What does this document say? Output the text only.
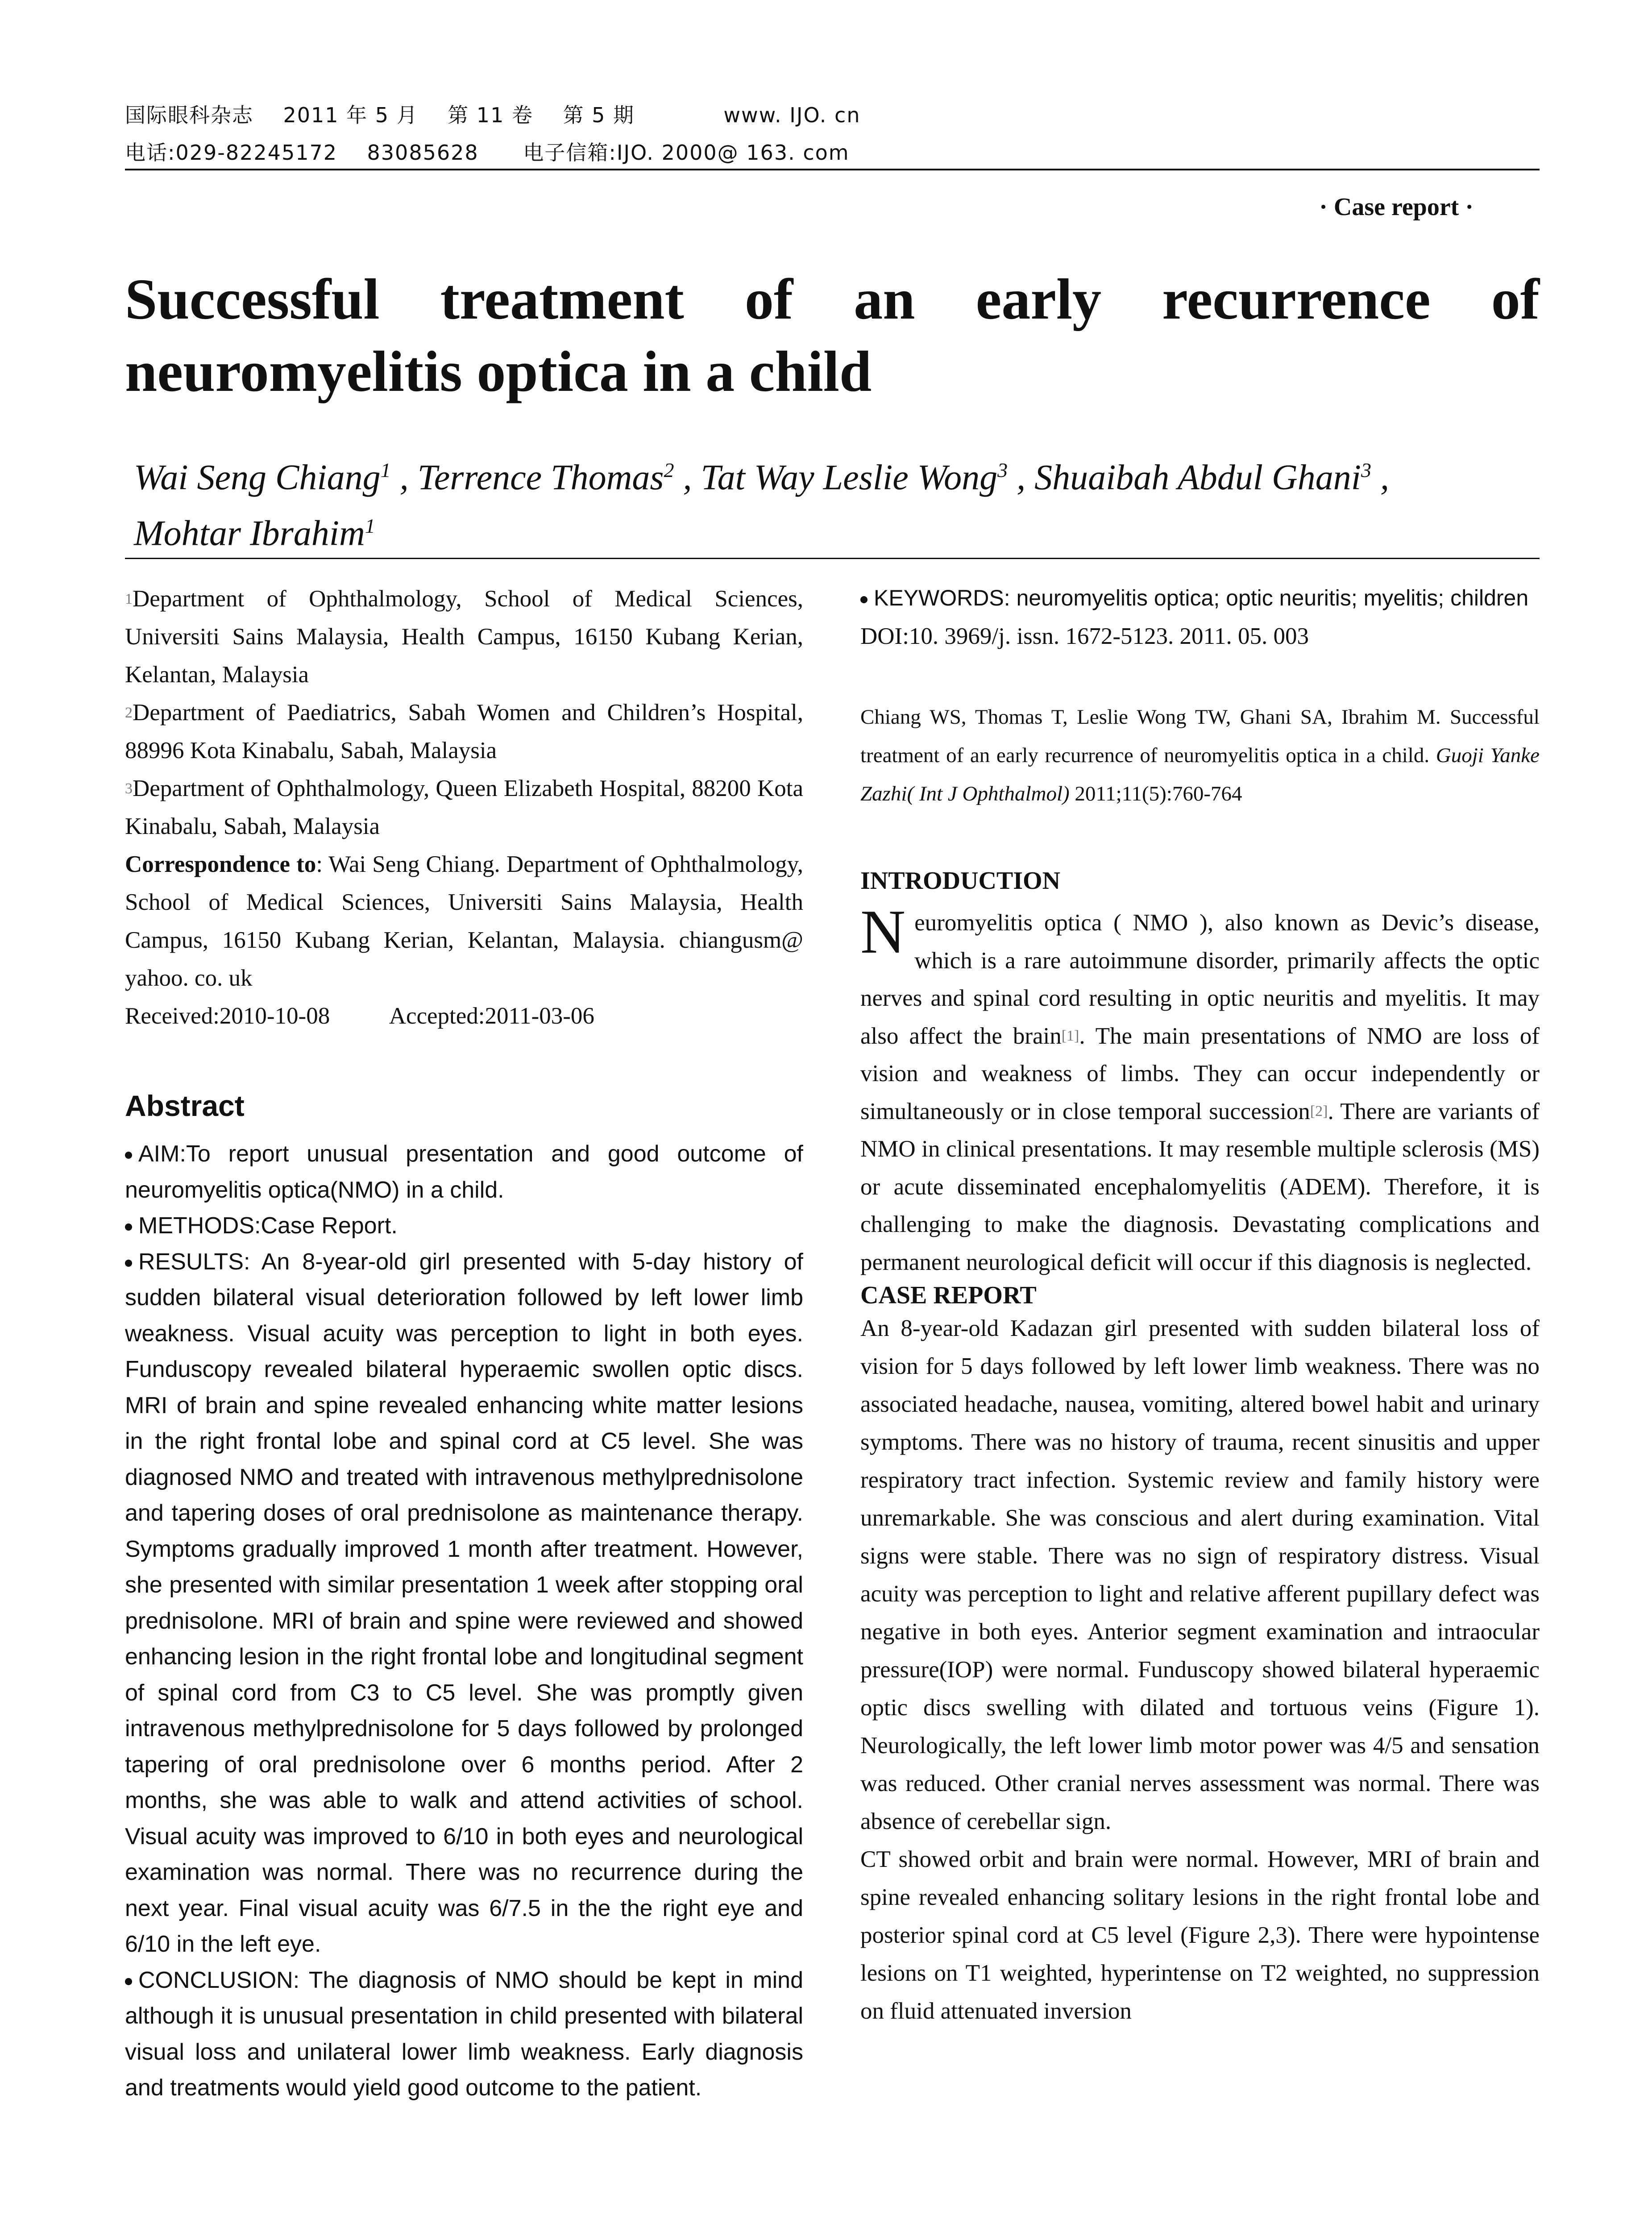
国际眼科杂志    2011 年 5 月    第 11 卷    第 5 期            www. IJO. cn
电话:029-82245172    83085628      电子信箱:IJO. 2000@ 163. com
· Case report ·
Successful treatment of an early recurrence of neuromyelitis optica in a child
Wai Seng Chiang$^1$ , Terrence Thomas$^2$ , Tat Way Leslie Wong$^3$ , Shuaibah Abdul Ghani$^3$ ,
Mohtar Ibrahim$^1$

$^1$Department of Ophthalmology, School of Medical Sciences, Universiti Sains Malaysia, Health Campus, 16150 Kubang Kerian, Kelantan, Malaysia

$^2$Department of Paediatrics, Sabah Women and Children’s Hospital, 88996 Kota Kinabalu, Sabah, Malaysia

$^3$Department of Ophthalmology, Queen Elizabeth Hospital, 88200 Kota Kinabalu, Sabah, Malaysia

Correspondence to: Wai Seng Chiang. Department of Ophthalmology, School of Medical Sciences, Universiti Sains Malaysia, Health Campus, 16150 Kubang Kerian, Kelantan, Malaysia. chiangusm@ yahoo. co. uk

Received:2010-10-08	Accepted:2011-03-06

Abstract

AIM:To report unusual presentation and good outcome of neuromyelitis optica(NMO) in a child.

METHODS:Case Report.

RESULTS: An 8-year-old girl presented with 5-day history of sudden bilateral visual deterioration followed by left lower limb weakness. Visual acuity was perception to light in both eyes. Funduscopy revealed bilateral hyperaemic swollen optic discs. MRI of brain and spine revealed enhancing white matter lesions in the right frontal lobe and spinal cord at C5 level. She was diagnosed NMO and treated with intravenous methylprednisolone and tapering doses of oral prednisolone as maintenance therapy. Symptoms gradually improved 1 month after treatment. However, she presented with similar presentation 1 week after stopping oral prednisolone. MRI of brain and spine were reviewed and showed enhancing lesion in the right frontal lobe and longitudinal segment of spinal cord from C3 to C5 level. She was promptly given intravenous methylprednisolone for 5 days followed by prolonged tapering of oral prednisolone over 6 months period. After 2 months, she was able to walk and attend activities of school. Visual acuity was improved to 6/10 in both eyes and neurological examination was normal. There was no recurrence during the next year. Final visual acuity was 6/7.5 in the the right eye and 6/10 in the left eye.

CONCLUSION: The diagnosis of NMO should be kept in mind although it is unusual presentation in child presented with bilateral visual loss and unilateral lower limb weakness. Early diagnosis and treatments would yield good outcome to the patient.

KEYWORDS: neuromyelitis optica; optic neuritis; myelitis; children

DOI:10. 3969/j. issn. 1672-5123. 2011. 05. 003

Chiang WS, Thomas T, Leslie Wong TW, Ghani SA, Ibrahim M. Successful treatment of an early recurrence of neuromyelitis optica in a child. Guoji Yanke Zazhi( Int J Ophthalmol) 2011;11(5):760-764

INTRODUCTION

Neuromyelitis optica ( NMO ), also known as Devic’s disease, which is a rare autoimmune disorder, primarily affects the optic nerves and spinal cord resulting in optic neuritis and myelitis. It may also affect the brain[1]. The main presentations of NMO are loss of vision and weakness of limbs. They can occur independently or simultaneously or in close temporal succession[2]. There are variants of NMO in clinical presentations. It may resemble multiple sclerosis (MS) or acute disseminated encephalomyelitis (ADEM). Therefore, it is challenging to make the diagnosis. Devastating complications and permanent neurological deficit will occur if this diagnosis is neglected.

CASE REPORT

An 8-year-old Kadazan girl presented with sudden bilateral loss of vision for 5 days followed by left lower limb weakness. There was no associated headache, nausea, vomiting, altered bowel habit and urinary symptoms. There was no history of trauma, recent sinusitis and upper respiratory tract infection. Systemic review and family history were unremarkable. She was conscious and alert during examination. Vital signs were stable. There was no sign of respiratory distress. Visual acuity was perception to light and relative afferent pupillary defect was negative in both eyes. Anterior segment examination and intraocular pressure(IOP) were normal. Funduscopy showed bilateral hyperaemic optic discs swelling with dilated and tortuous veins (Figure 1). Neurologically, the left lower limb motor power was 4/5 and sensation was reduced. Other cranial nerves assessment was normal. There was absence of cerebellar sign.

CT showed orbit and brain were normal. However, MRI of brain and spine revealed enhancing solitary lesions in the right frontal lobe and posterior spinal cord at C5 level (Figure 2,3). There were hypointense lesions on T1 weighted, hyperintense on T2 weighted, no suppression on fluid attenuated inversion
